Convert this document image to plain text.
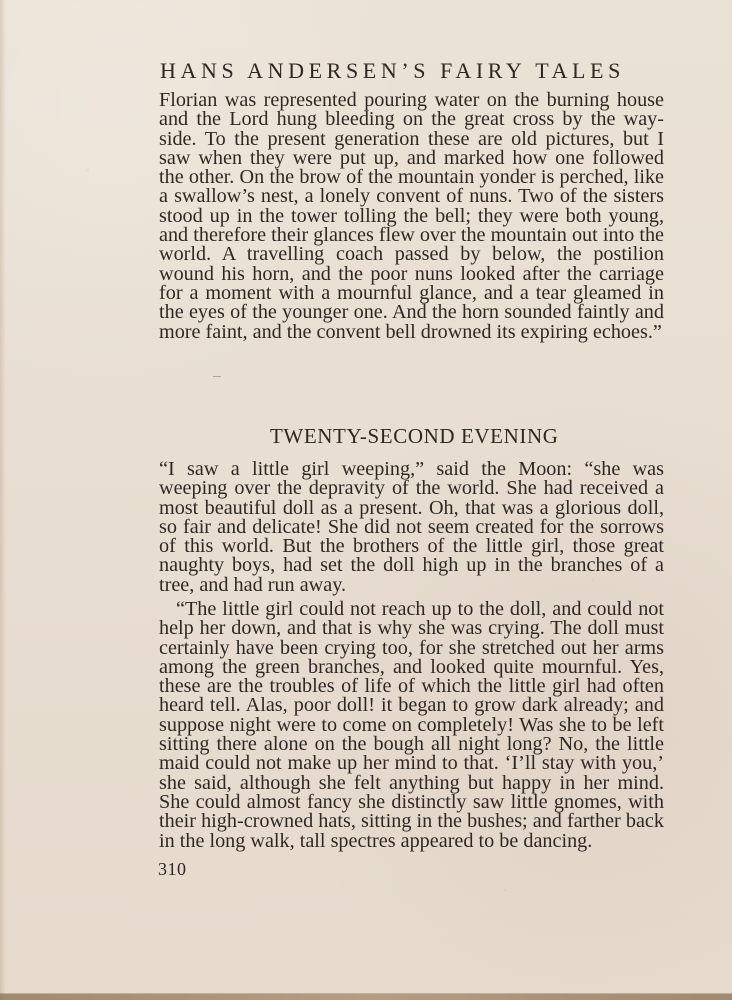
HANS ANDERSEN’S FAIRY TALES
Florian was represented pouring water on the burning house and the Lord hung bleeding on the great cross by the way-side. To the present generation these are old pictures, but I saw when they were put up, and marked how one followed the other. On the brow of the mountain yonder is perched, like a swallow’s nest, a lonely convent of nuns. Two of the sisters stood up in the tower tolling the bell; they were both young, and therefore their glances flew over the mountain out into the world. A travelling coach passed by below, the postilion wound his horn, and the poor nuns looked after the carriage for a moment with a mournful glance, and a tear gleamed in the eyes of the younger one. And the horn sounded faintly and more faint, and the convent bell drowned its expiring echoes.”
TWENTY-SECOND EVENING
“I saw a little girl weeping,” said the Moon: “she was weeping over the depravity of the world. She had received a most beautiful doll as a present. Oh, that was a glorious doll, so fair and delicate! She did not seem created for the sorrows of this world. But the brothers of the little girl, those great naughty boys, had set the doll high up in the branches of a tree, and had run away.
“The little girl could not reach up to the doll, and could not help her down, and that is why she was crying. The doll must certainly have been crying too, for she stretched out her arms among the green branches, and looked quite mournful. Yes, these are the troubles of life of which the little girl had often heard tell. Alas, poor doll! it began to grow dark already; and suppose night were to come on completely! Was she to be left sitting there alone on the bough all night long? No, the little maid could not make up her mind to that. ‘I’ll stay with you,’ she said, although she felt anything but happy in her mind. She could almost fancy she distinctly saw little gnomes, with their high-crowned hats, sitting in the bushes; and farther back in the long walk, tall spectres appeared to be dancing.
310
